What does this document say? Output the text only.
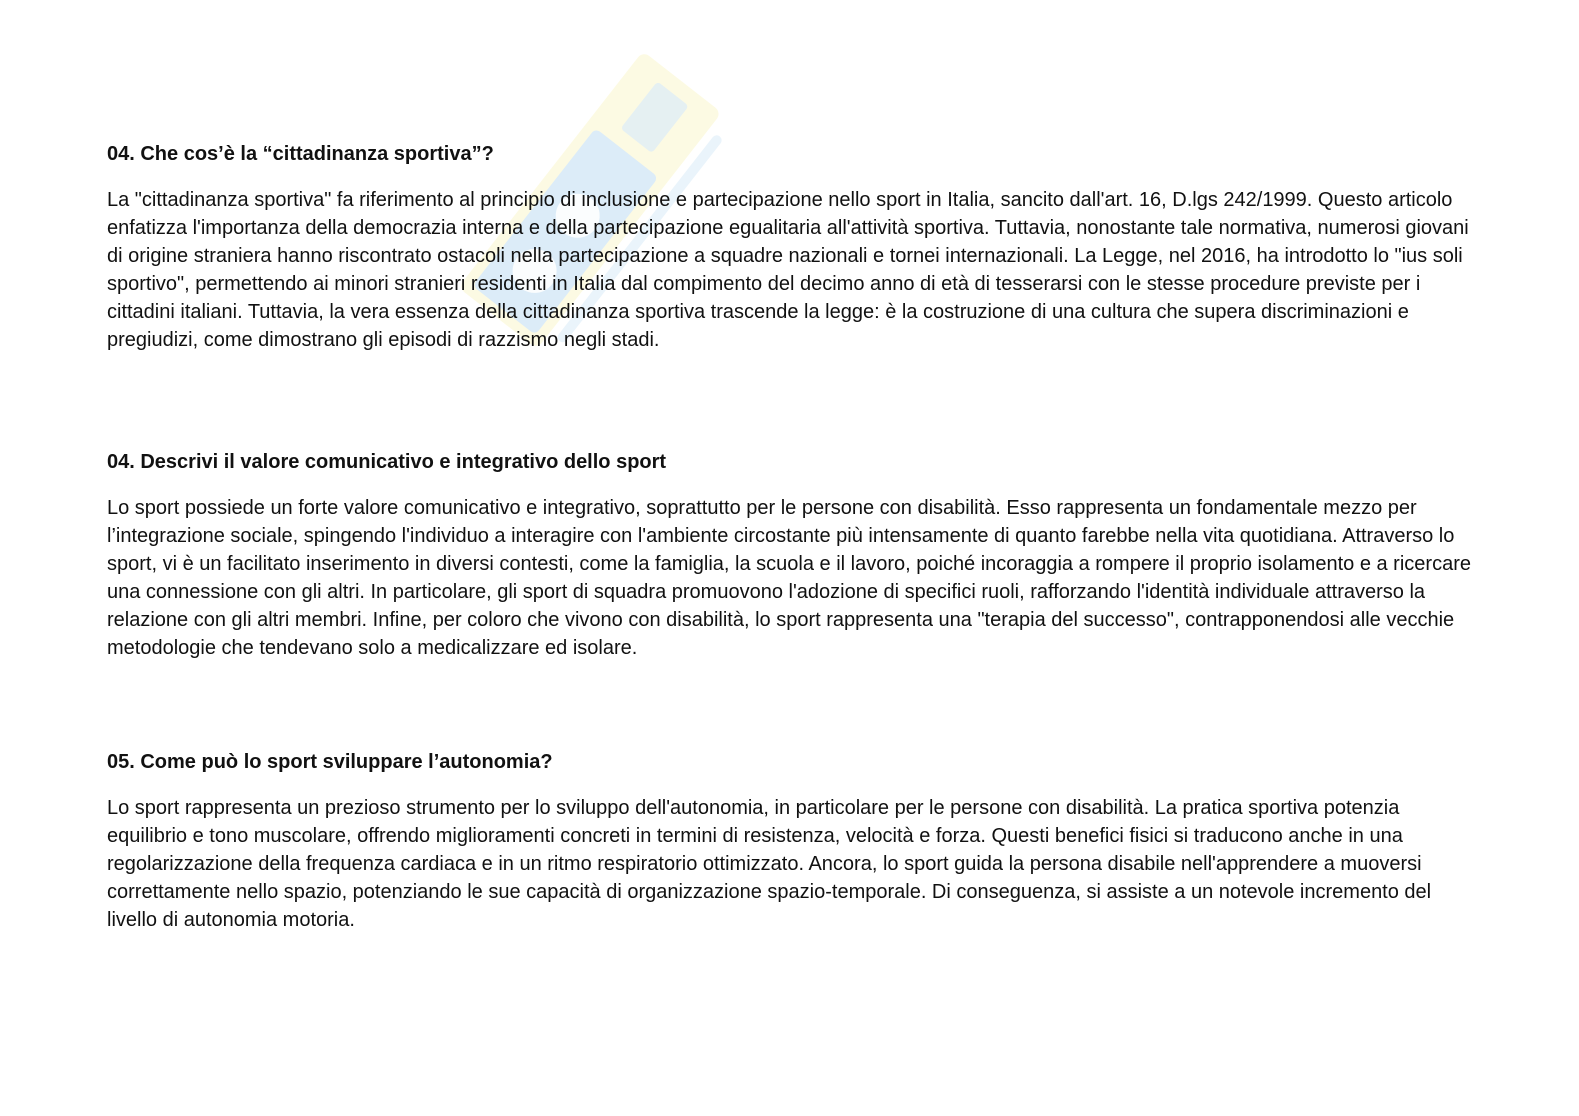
04. Che cos’è la “cittadinanza sportiva”?

La "cittadinanza sportiva" fa riferimento al principio di inclusione e partecipazione nello sport in Italia, sancito dall'art. 16, D.lgs 242/1999. Questo articolo enfatizza l'importanza della democrazia interna e della partecipazione egualitaria all'attività sportiva. Tuttavia, nonostante tale normativa, numerosi giovani di origine straniera hanno riscontrato ostacoli nella partecipazione a squadre nazionali e tornei internazionali. La Legge, nel 2016, ha introdotto lo "ius soli sportivo", permettendo ai minori stranieri residenti in Italia dal compimento del decimo anno di età di tesserarsi con le stesse procedure previste per i cittadini italiani. Tuttavia, la vera essenza della cittadinanza sportiva trascende la legge: è la costruzione di una cultura che supera discriminazioni e pregiudizi, come dimostrano gli episodi di razzismo negli stadi.

04. Descrivi il valore comunicativo e integrativo dello sport

Lo sport possiede un forte valore comunicativo e integrativo, soprattutto per le persone con disabilità. Esso rappresenta un fondamentale mezzo per l’integrazione sociale, spingendo l'individuo a interagire con l'ambiente circostante più intensamente di quanto farebbe nella vita quotidiana. Attraverso lo sport, vi è un facilitato inserimento in diversi contesti, come la famiglia, la scuola e il lavoro, poiché incoraggia a rompere il proprio isolamento e a ricercare una connessione con gli altri. In particolare, gli sport di squadra promuovono l'adozione di specifici ruoli, rafforzando l'identità individuale attraverso la relazione con gli altri membri. Infine, per coloro che vivono con disabilità, lo sport rappresenta una "terapia del successo", contrapponendosi alle vecchie metodologie che tendevano solo a medicalizzare ed isolare.

05. Come può lo sport sviluppare l’autonomia?

Lo sport rappresenta un prezioso strumento per lo sviluppo dell'autonomia, in particolare per le persone con disabilità. La pratica sportiva potenzia equilibrio e tono muscolare, offrendo miglioramenti concreti in termini di resistenza, velocità e forza. Questi benefici fisici si traducono anche in una regolarizzazione della frequenza cardiaca e in un ritmo respiratorio ottimizzato. Ancora, lo sport guida la persona disabile nell'apprendere a muoversi correttamente nello spazio, potenziando le sue capacità di organizzazione spazio-temporale. Di conseguenza, si assiste a un notevole incremento del livello di autonomia motoria.
